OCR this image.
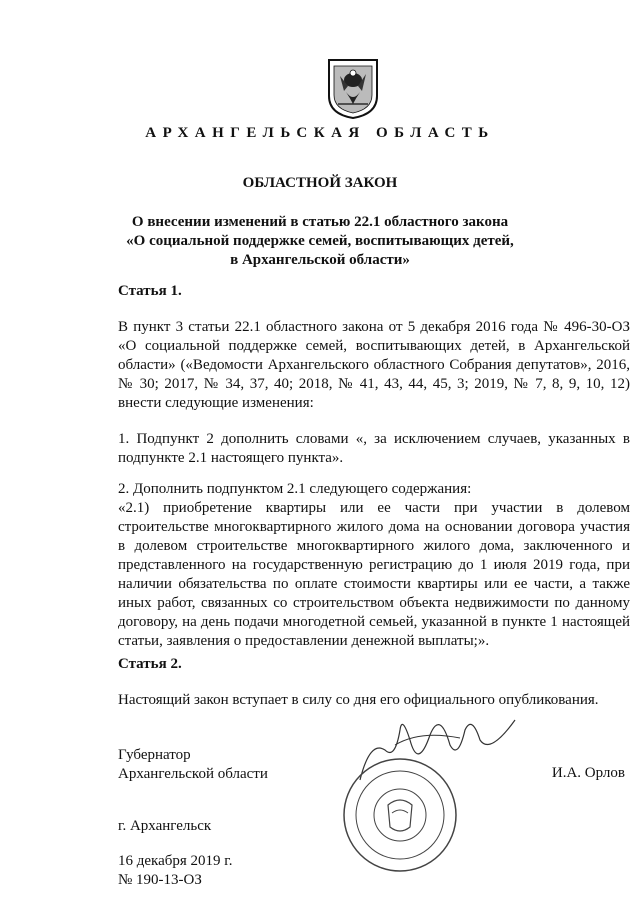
АРХАНГЕЛЬСКАЯ ОБЛАСТЬ
ОБЛАСТНОЙ ЗАКОН
О внесении изменений в статью 22.1 областного закона
«О социальной поддержке семей, воспитывающих детей,
в Архангельской области»
Статья 1.

В пункт 3 статьи 22.1 областного закона от 5 декабря 2016 года № 496-30-ОЗ «О социальной поддержке семей, воспитывающих детей, в Архангельской области» («Ведомости Архангельского областного Собрания депутатов», 2016, № 30; 2017, № 34, 37, 40; 2018, № 41, 43, 44, 45, 3; 2019, № 7, 8, 9, 10, 12) внести следующие изменения:

1. Подпункт 2 дополнить словами «, за исключением случаев, указанных в подпункте 2.1 настоящего пункта».

2. Дополнить подпунктом 2.1 следующего содержания:

«2.1) приобретение квартиры или ее части при участии в долевом строительстве многоквартирного жилого дома на основании договора участия в долевом строительстве многоквартирного жилого дома, заключенного и представленного на государственную регистрацию до 1 июля 2019 года, при наличии обязательства по оплате стоимости квартиры или ее части, а также иных работ, связанных со строительством объекта недвижимости по данному договору, на день подачи многодетной семьей, указанной в пункте 1 настоящей статьи, заявления о предоставлении денежной выплаты;».

Статья 2.

Настоящий закон вступает в силу со дня его официального опубликования.

Губернатор
Архангельской области	И.А. Орлов
г. Архангельск
16 декабря 2019 г.
№ 190-13-ОЗ
